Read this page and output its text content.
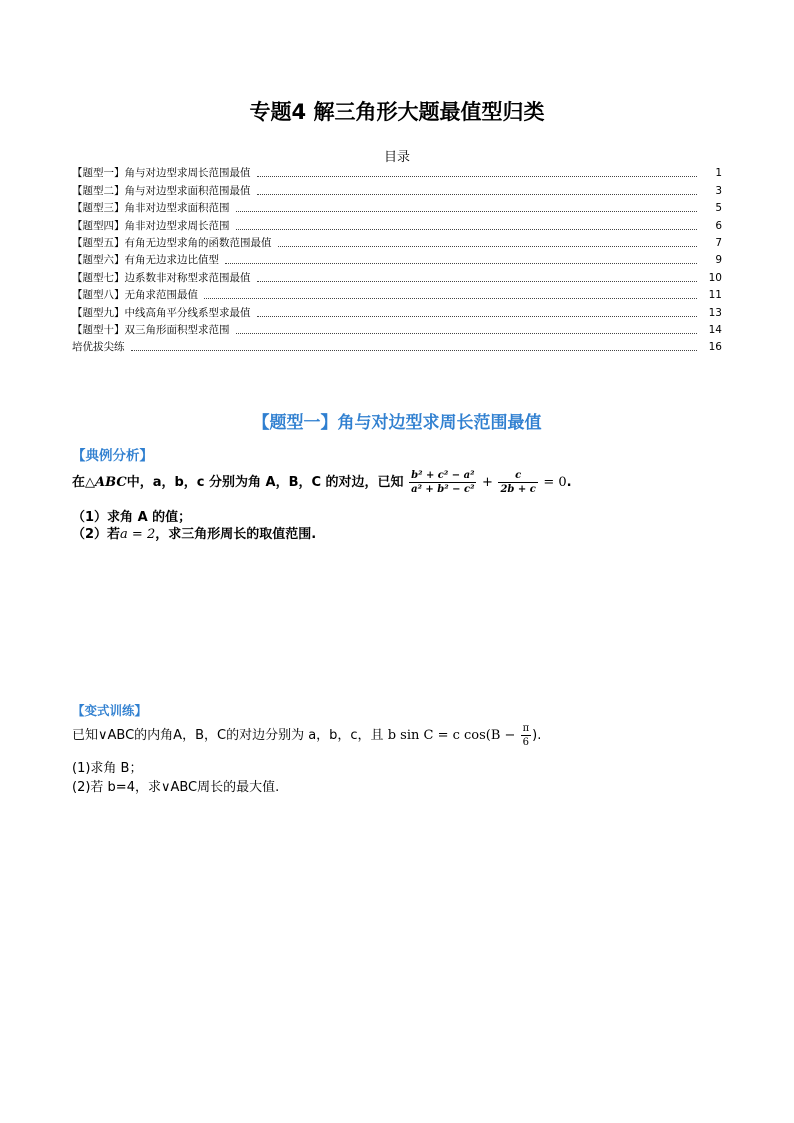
专题4 解三角形大题最值型归类
目录
【题型一】角与对边型求周长范围最值	1
【题型二】角与对边型求面积范围最值	3
【题型三】角非对边型求面积范围	5
【题型四】角非对边型求周长范围	6
【题型五】有角无边型求角的函数范围最值	7
【题型六】有角无边求边比值型	9
【题型七】边系数非对称型求范围最值	10
【题型八】无角求范围最值	11
【题型九】中线高角平分线系型求最值	13
【题型十】双三角形面积型求范围	14
培优拔尖练	16
【题型一】角与对边型求周长范围最值
【典例分析】
在△ABC中，a，b，c 分别为角 A，B，C 的对边，已知 $\frac{\text{b² + c² − a²}}{\text{a² + b² − c²}} + \frac{c}{2b + c} = 0$.
（1）求角 A 的值；
（2）若a = 2，求三角形周长的取值范围.
【变式训练】
已知∨ABC的内角A，B，C的对边分别为 a，b，c，且 b sin C = c $\cos(B - \frac{\pi}{6}$ ).
(1)求角 B；
(2)若 b=4，求∨ABC周长的最大值.
